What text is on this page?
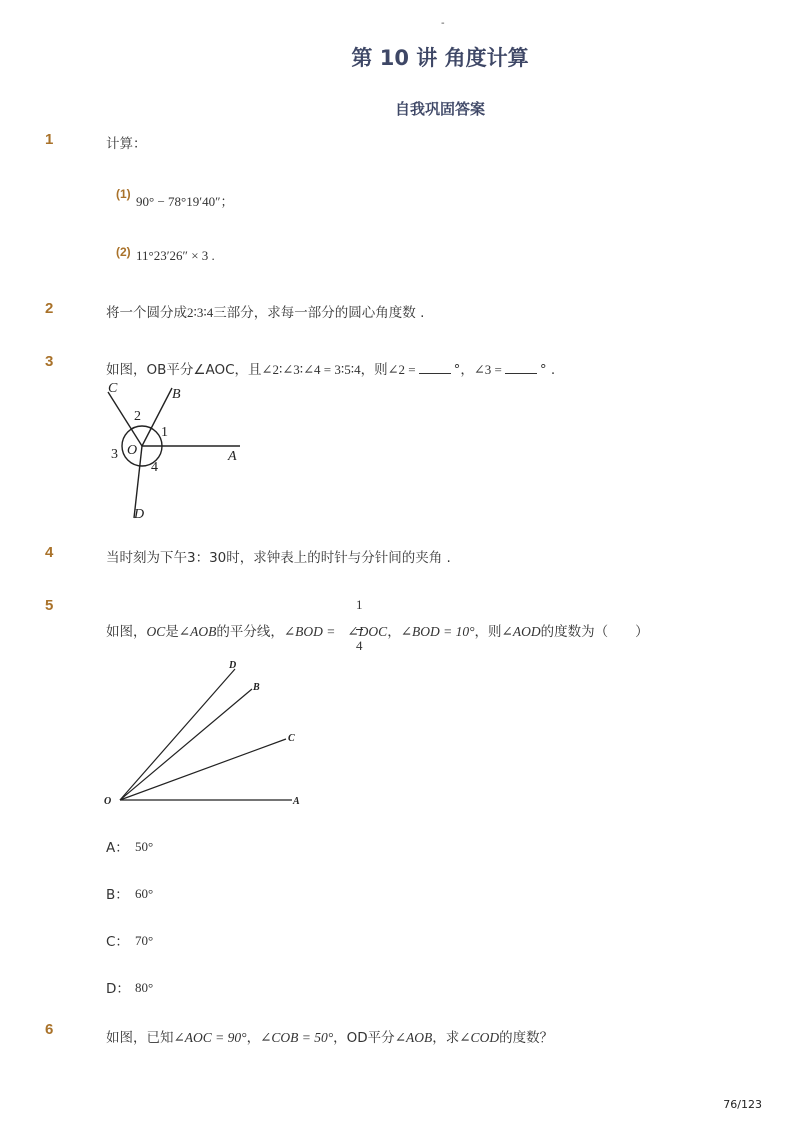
-
第 10 讲 角度计算
自我巩固答案
1	计算：
(1) 90° − 78°19′40″；
(2) 11°23′26″ × 3 .
2	将一个圆分成2∶3∶4三部分，求每一部分的圆心角度数 .
3	如图，OB平分∠AOC，且∠2∶∠3∶∠4 = 3∶5∶4，则∠2 =	°，∠3 =	° .
C	B
A
D
O
1
2
3
4
4	当时刻为下午3：30时，求钟表上的时针与分针间的夹角 .
5	1
4
如图，OC是∠AOB的平分线，∠BOD = ∠DOC，∠BOD = 10°，则∠AOD的度数为（　　）
D
B
C
O	A
A： 50°
B： 60°
C： 70°
D： 80°
6	如图，已知∠AOC = 90°，∠COB = 50°，OD平分∠AOB，求∠COD的度数？
76/123
